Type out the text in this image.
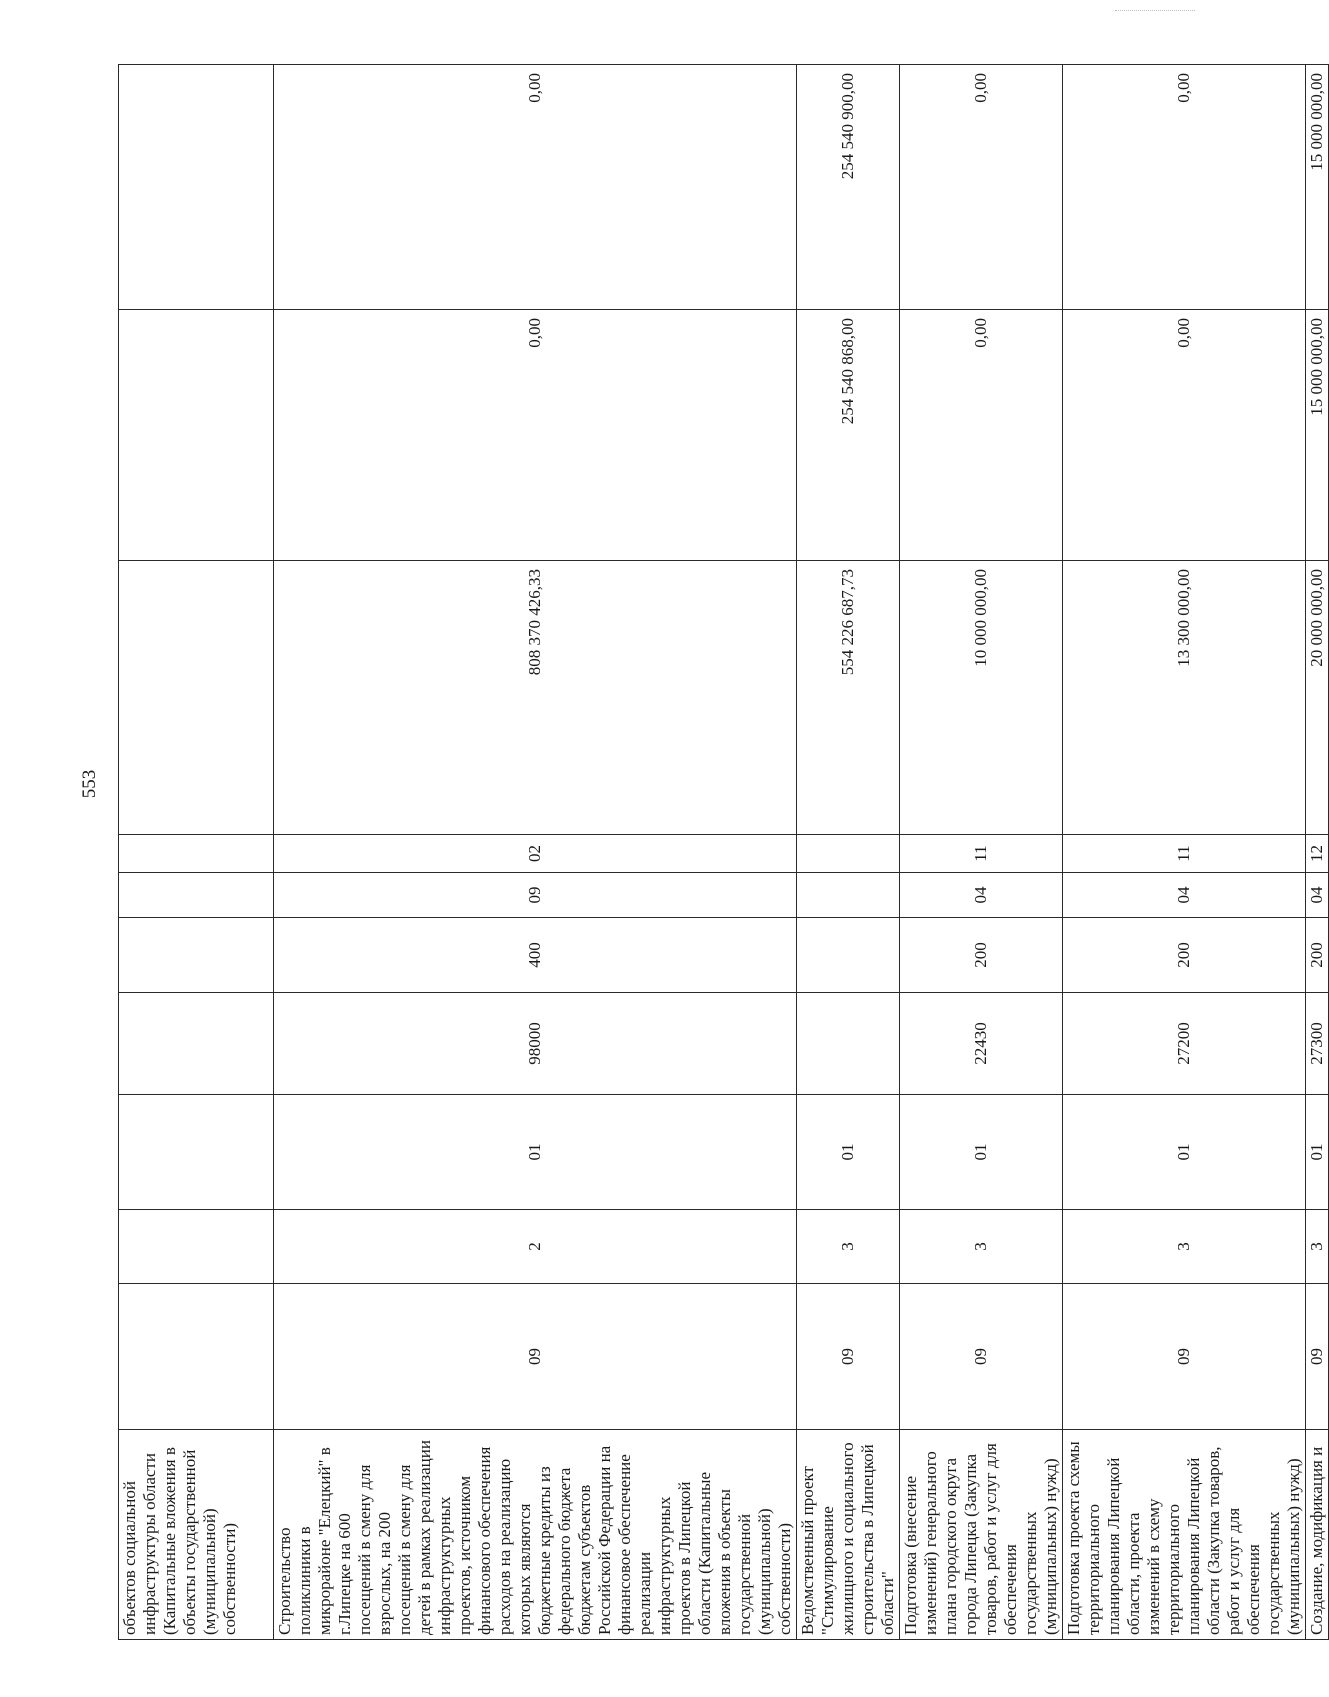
553
объектов социальной инфраструктуры области (Капитальные вложения в объекты государственной (муниципальной) собственности)										
Строительство поликлиники в микрорайоне "Елецкий" в г.Липецке на 600 посещений в смену для взрослых, на 200 посещений в смену для детей в рамках реализации инфраструктурных проектов, источником финансового обеспечения расходов на реализацию которых являются бюджетные кредиты из федерального бюджета бюджетам субъектов Российской Федерации на финансовое обеспечение реализации инфраструктурных проектов в Липецкой области (Капитальные вложения в объекты государственной (муниципальной) собственности)	09	2	01	98000	400	09	02	808 370 426,33	0,00	0,00
Ведомственный проект "Стимулирование жилищного и социального строительства в Липецкой области"	09	3	01					554 226 687,73	254 540 868,00	254 540 900,00
Подготовка (внесение изменений) генерального плана городского округа города Липецка (Закупка товаров, работ и услуг для обеспечения государственных (муниципальных) нужд)	09	3	01	22430	200	04	11	10 000 000,00	0,00	0,00
Подготовка проекта схемы территориального планирования Липецкой области, проекта изменений в схему территориального планирования Липецкой области (Закупка товаров, работ и услуг для обеспечения государственных (муниципальных) нужд)	09	3	01	27200	200	04	11	13 300 000,00	0,00	0,00
Создание, модификация и	09	3	01	27300	200	04	12	20 000 000,00	15 000 000,00	15 000 000,00
